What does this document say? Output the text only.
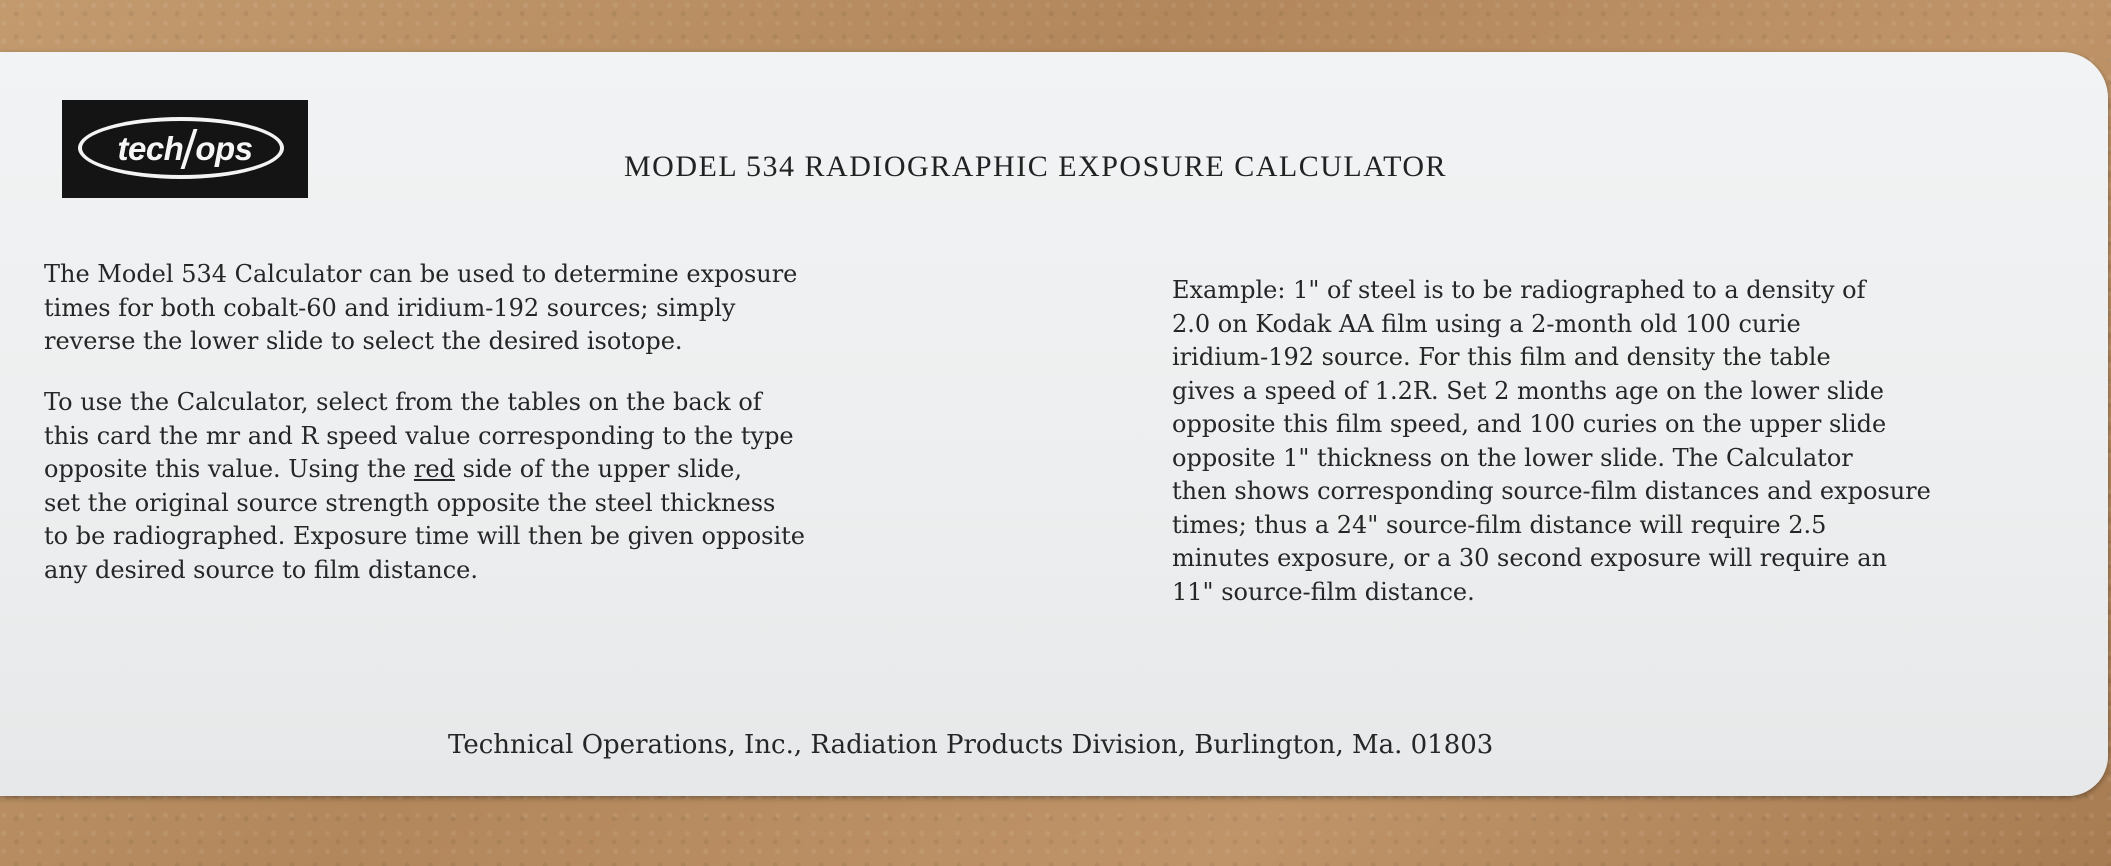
tech ops	MODEL 534 RADIOGRAPHIC EXPOSURE CALCULATOR
The Model 534 Calculator can be used to determine exposure
times for both cobalt-60 and iridium-192 sources; simply
reverse the lower slide to select the desired isotope.
To use the Calculator, select from the tables on the back of
this card the mr and R speed value corresponding to the type
opposite this value. Using the red side of the upper slide,
set the original source strength opposite the steel thickness
to be radiographed. Exposure time will then be given opposite
any desired source to film distance.
Example: 1" of steel is to be radiographed to a density of
2.0 on Kodak AA film using a 2-month old 100 curie
iridium-192 source. For this film and density the table
gives a speed of 1.2R. Set 2 months age on the lower slide
opposite this film speed, and 100 curies on the upper slide
opposite 1" thickness on the lower slide. The Calculator
then shows corresponding source-film distances and exposure
times; thus a 24" source-film distance will require 2.5
minutes exposure, or a 30 second exposure will require an
11" source-film distance.
Technical Operations, Inc., Radiation Products Division, Burlington, Ma. 01803
